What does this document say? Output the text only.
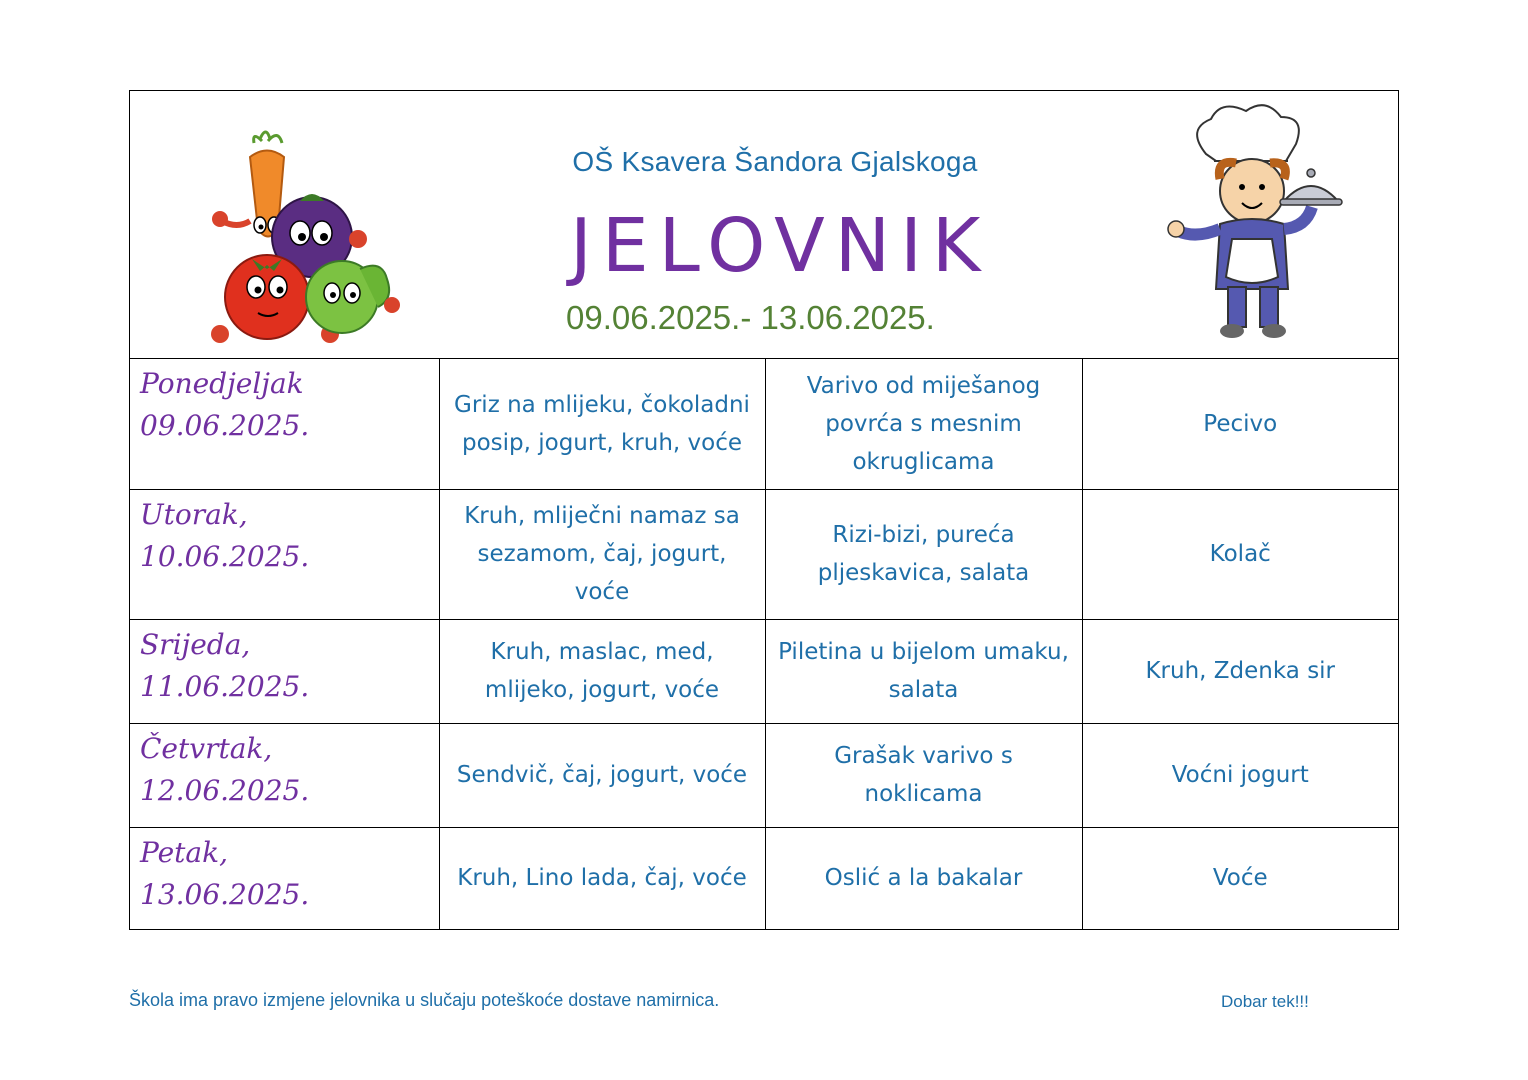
OŠ Ksavera Šandora Gjalskoga
JELOVNIK
09.06.2025.- 13.06.2025.
Ponedjeljak
09.06.2025.	Griz na mlijeku, čokoladni posip, jogurt, kruh, voće	Varivo od miješanog povrća s mesnim okruglicama	Pecivo
Utorak,
10.06.2025.	Kruh, mliječni namaz sa sezamom, čaj, jogurt, voće	Rizi-bizi, pureća pljeskavica, salata	Kolač
Srijeda,
11.06.2025.	Kruh, maslac, med, mlijeko, jogurt, voće	Piletina u bijelom umaku, salata	Kruh, Zdenka sir
Četvrtak,
12.06.2025.	Sendvič, čaj, jogurt, voće	Grašak varivo s noklicama	Voćni jogurt
Petak,
13.06.2025.	Kruh, Lino lada, čaj, voće	Oslić a la bakalar	Voće
Škola ima pravo izmjene jelovnika u slučaju poteškoće dostave namirnica.	Dobar tek!!!
